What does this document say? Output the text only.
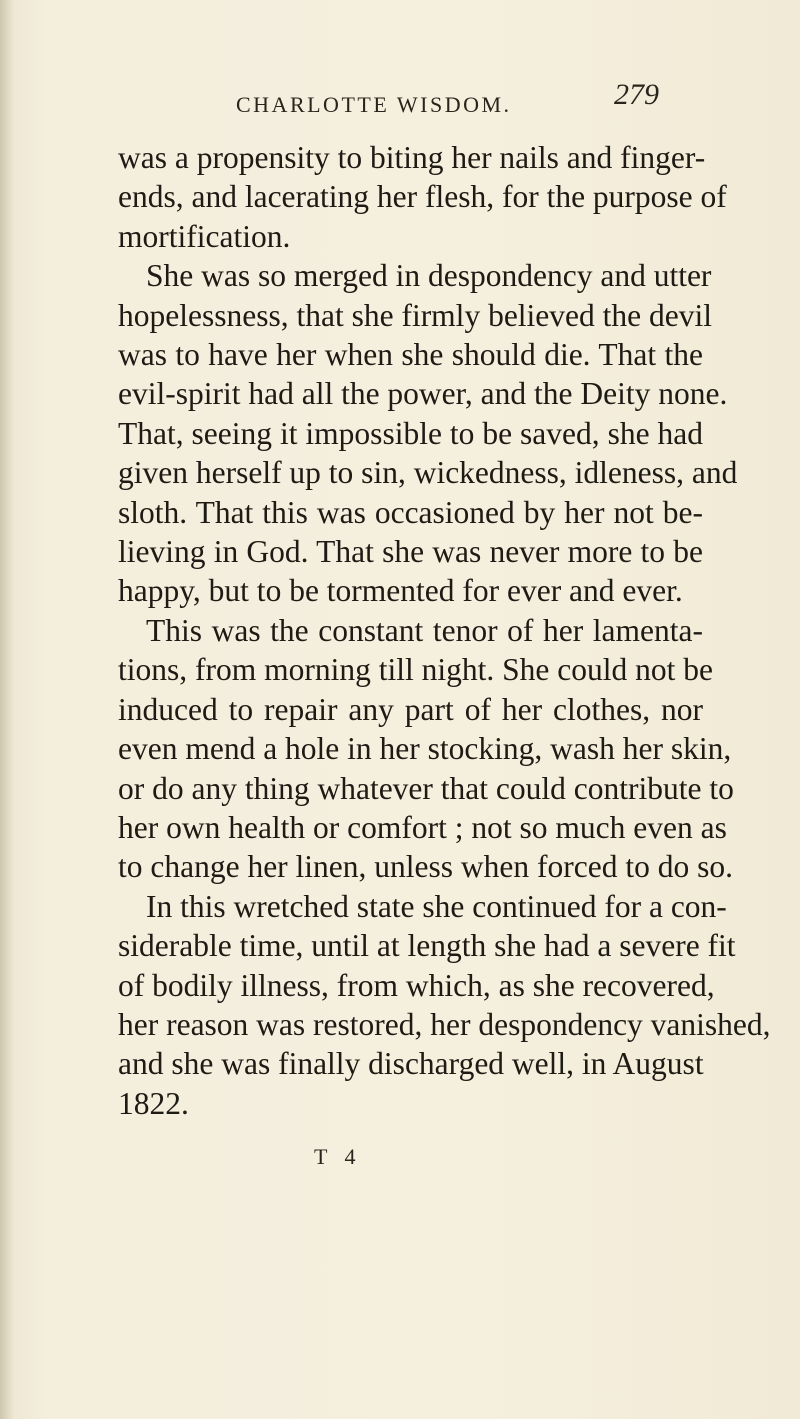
CHARLOTTE WISDOM.	279
was a propensity to biting her nails and finger-
ends, and lacerating her flesh, for the purpose of
mortification.
She was so merged in despondency and utter
hopelessness, that she firmly believed the devil
was to have her when she should die. That the
evil-spirit had all the power, and the Deity none.
That, seeing it impossible to be saved, she had
given herself up to sin, wickedness, idleness, and
sloth. That this was occasioned by her not be-
lieving in God. That she was never more to be
happy, but to be tormented for ever and ever.
This was the constant tenor of her lamenta-
tions, from morning till night. She could not be
induced to repair any part of her clothes, nor
even mend a hole in her stocking, wash her skin,
or do any thing whatever that could contribute to
her own health or comfort ; not so much even as
to change her linen, unless when forced to do so.
In this wretched state she continued for a con-
siderable time, until at length she had a severe fit
of bodily illness, from which, as she recovered,
her reason was restored, her despondency vanished,
and she was finally discharged well, in August
1822.
T 4
